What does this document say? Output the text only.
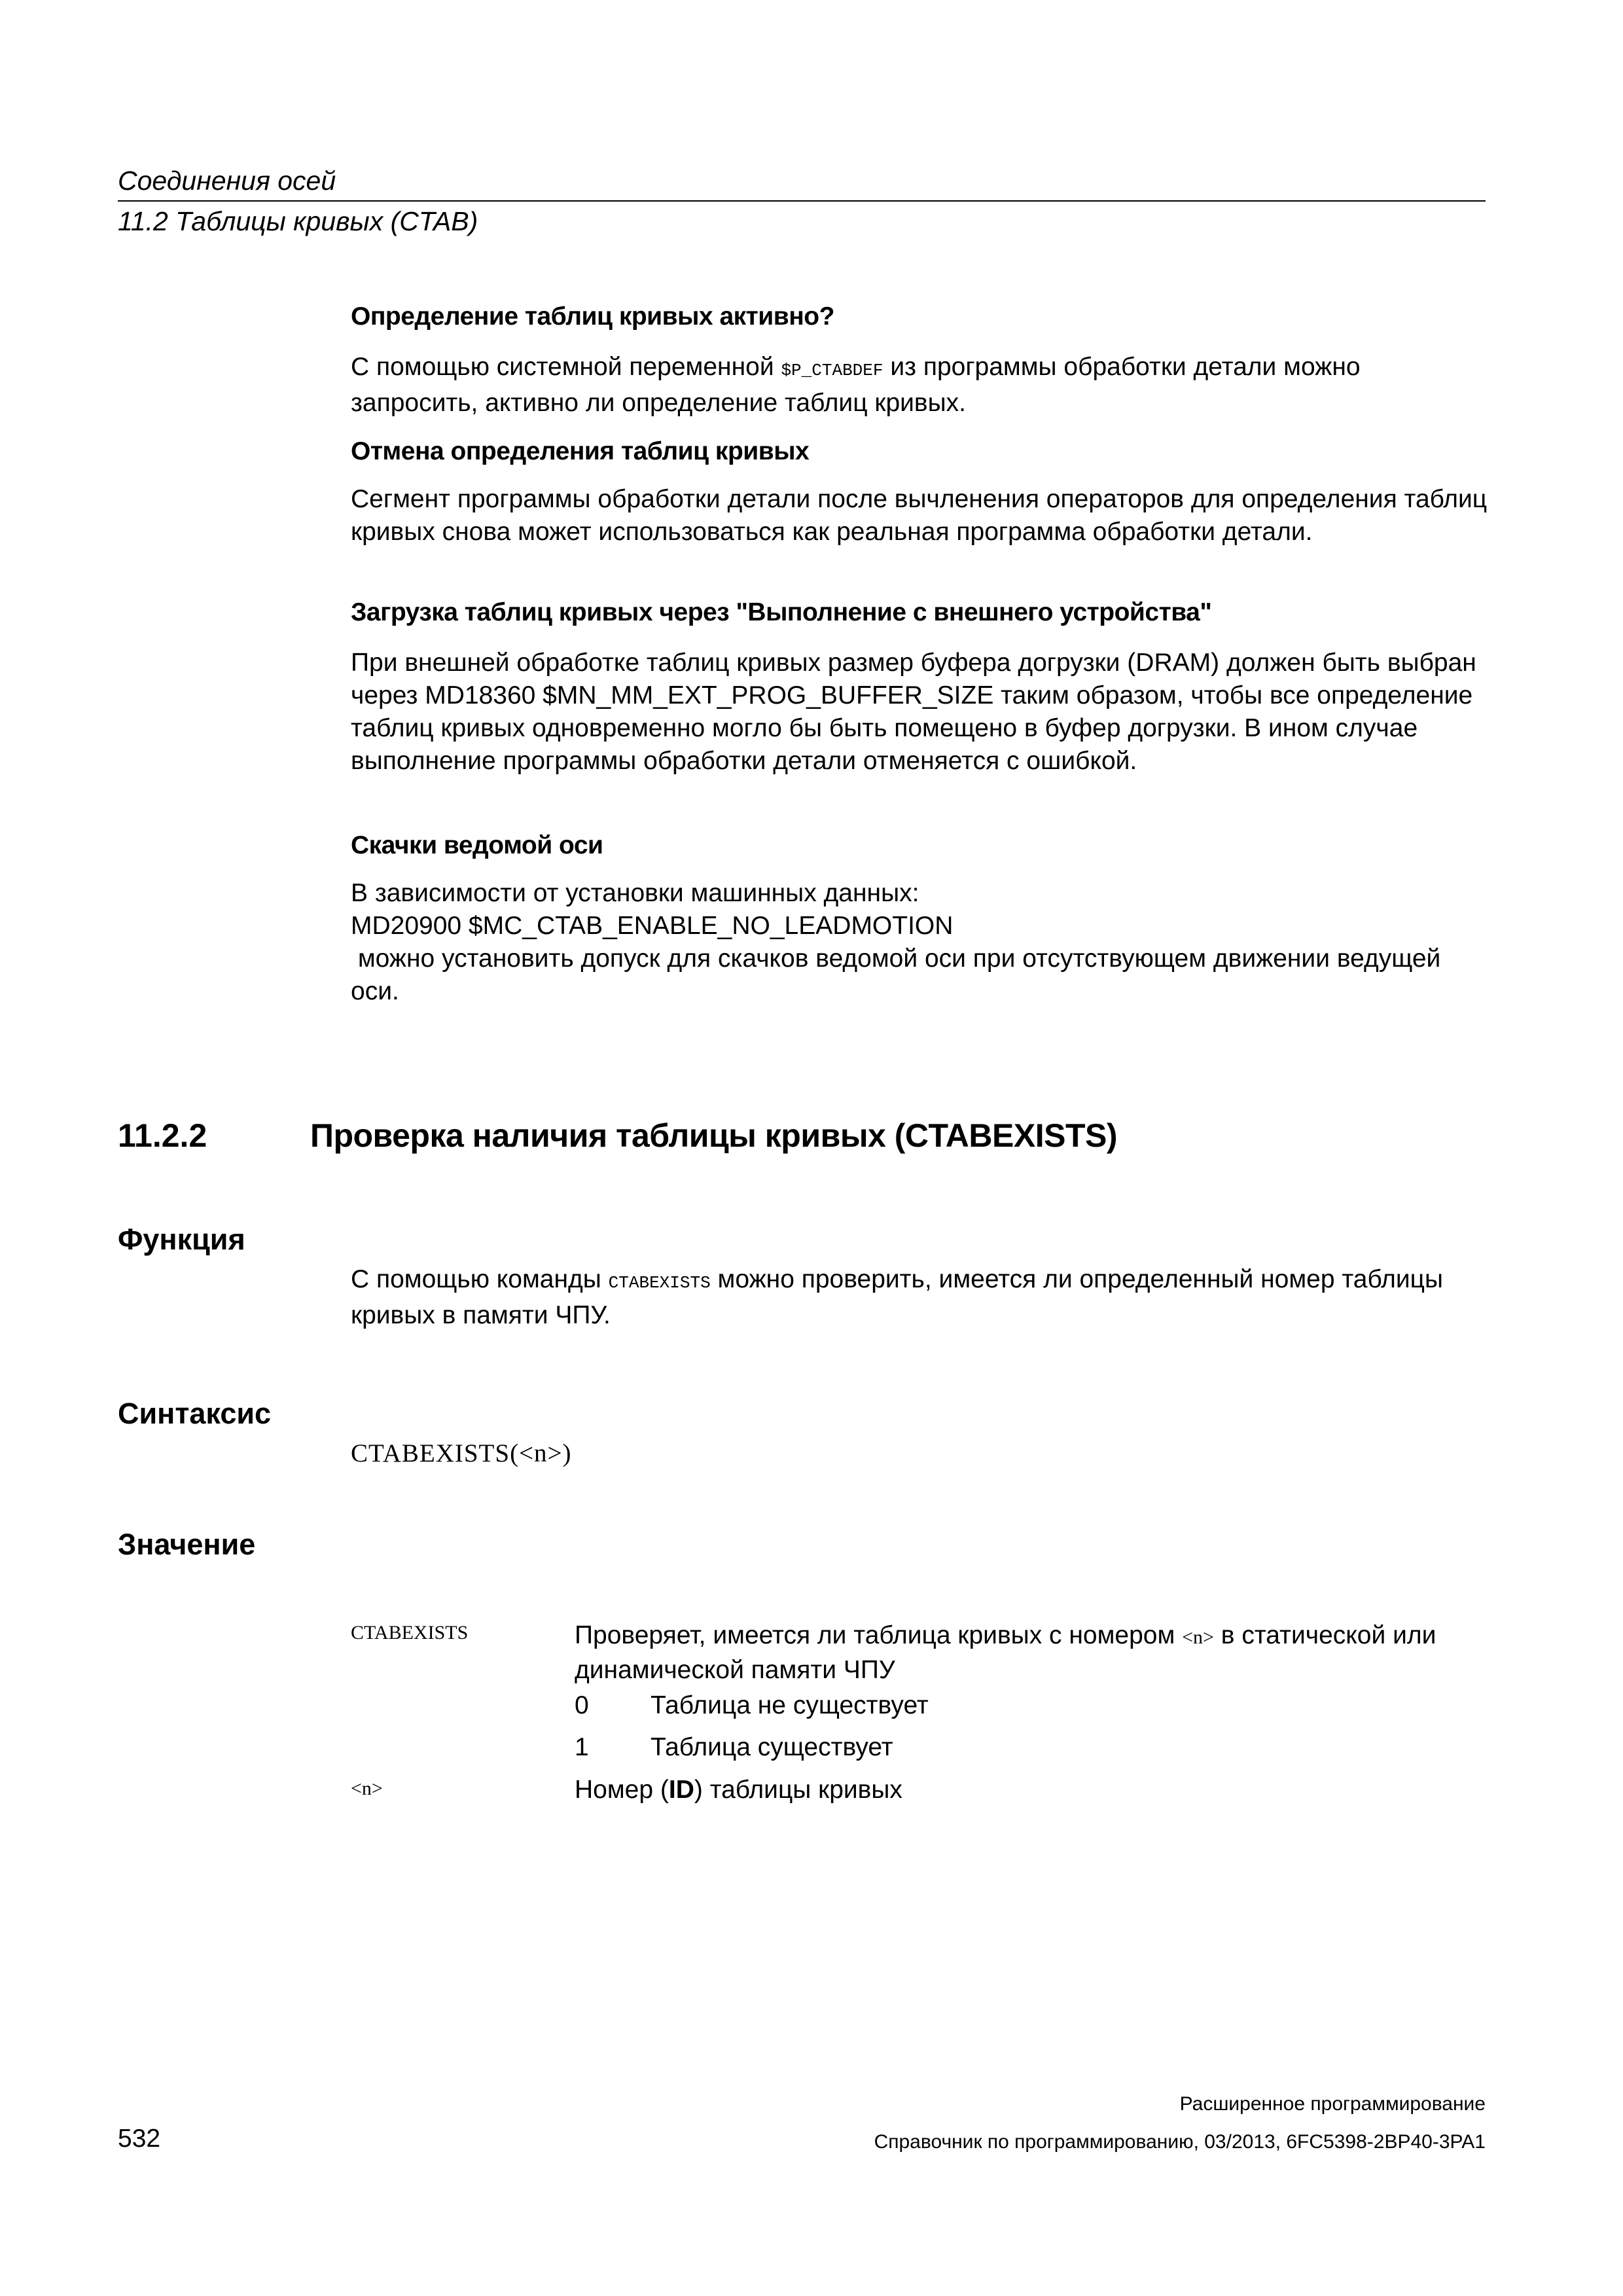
Соединения осей
11.2 Таблицы кривых (CTAB)
Определение таблиц кривых активно?
С помощью системной переменной $P_CTABDEF из программы обработки детали можно запросить, активно ли определение таблиц кривых.
Отмена определения таблиц кривых
Сегмент программы обработки детали после вычленения операторов для определения таблиц кривых снова может использоваться как реальная программа обработки детали.
Загрузка таблиц кривых через "Выполнение с внешнего устройства"
При внешней обработке таблиц кривых размер буфера догрузки (DRAM) должен быть выбран через MD18360 $MN_MM_EXT_PROG_BUFFER_SIZE таким образом, чтобы все определение таблиц кривых одновременно могло бы быть помещено в буфер догрузки. В ином случае выполнение программы обработки детали отменяется с ошибкой.
Скачки ведомой оси
В зависимости от установки машинных данных:
MD20900 $MC_CTAB_ENABLE_NO_LEADMOTION
можно установить допуск для скачков ведомой оси при отсутствующем движении ведущей оси.
11.2.2	Проверка наличия таблицы кривых (CTABEXISTS)
Функция
С помощью команды CTABEXISTS можно проверить, имеется ли определенный номер таблицы кривых в памяти ЧПУ.
Синтаксис
CTABEXISTS(<n>)
Значение
CTABEXISTS	Проверяет, имеется ли таблица кривых с номером <n> в статической или динамической памяти ЧПУ
0 Таблица не существует
1 Таблица существует
<n>	Номер (ID) таблицы кривых
Расширенное программирование
532	Справочник по программированию, 03/2013, 6FC5398-2BP40-3PA1
